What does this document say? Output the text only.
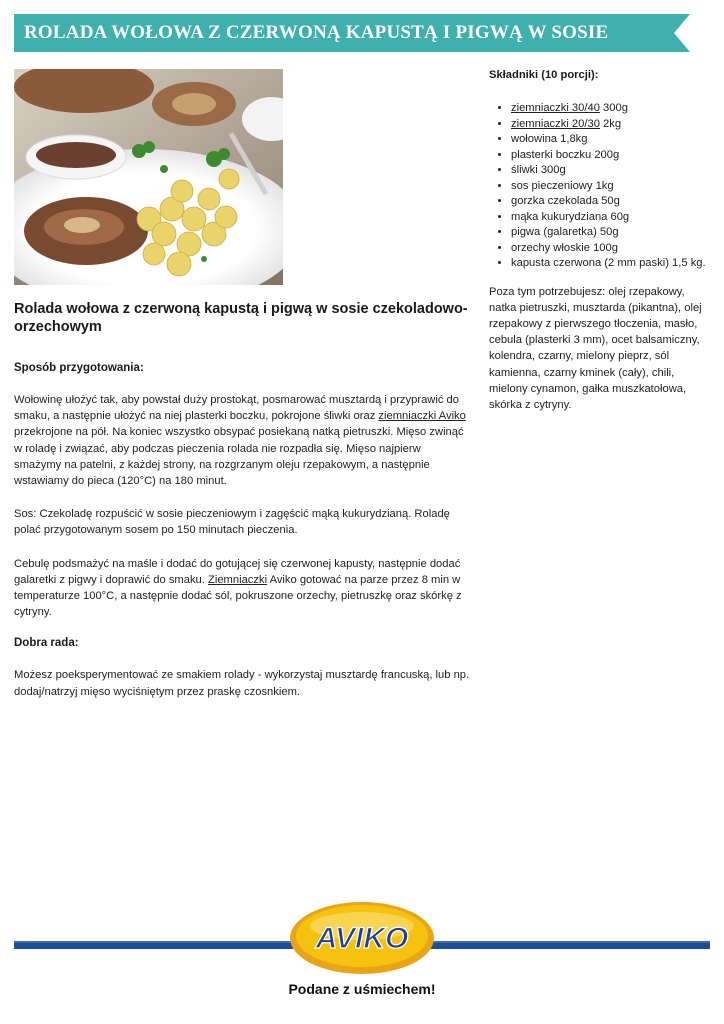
ROLADA WOŁOWA Z CZERWONĄ KAPUSTĄ I PIGWĄ W SOSIE
Rolada wołowa z czerwoną kapustą i pigwą w sosie czekoladowo-orzechowym
Sposób przygotowania:

Wołowinę ułożyć tak, aby powstał duży prostokąt, posmarować musztardą i przyprawić do smaku, a następnie ułożyć na niej plasterki boczku, pokrojone śliwki oraz ziemniaczki Aviko przekrojone na pół. Na koniec wszystko obsypać posiekaną natką pietruszki. Mięso zwinąć w roladę i związać, aby podczas pieczenia rolada nie rozpadła się. Mięso najpierw smażymy na patelni, z każdej strony, na rozgrzanym oleju rzepakowym, a następnie wstawiamy do pieca (120°C) na 180 minut.

Sos: Czekoladę rozpuścić w sosie pieczeniowym i zagęścić mąką kukurydzianą. Roladę polać przygotowanym sosem po 150 minutach pieczenia.

Cebulę podsmażyć na maśle i dodać do gotującej się czerwonej kapusty, następnie dodać galaretki z pigwy i doprawić do smaku. Ziemniaczki Aviko gotować na parze przez 8 min w temperaturze 100°C, a następnie dodać sól, pokruszone orzechy, pietruszkę oraz skórkę z cytryny.

Dobra rada:

Możesz poeksperymentować ze smakiem rolady - wykorzystaj musztardę francuską, lub np. dodaj/natrzyj mięso wyciśniętym przez praskę czosnkiem.

Składniki (10 porcji):
• ziemniaczki 30/40 300g
• ziemniaczki 20/30 2kg
• wołowina 1,8kg
• plasterki boczku 200g
• śliwki 300g
• sos pieczeniowy 1kg
• gorzka czekolada 50g
• mąka kukurydziana 60g
• pigwa (galaretka) 50g
• orzechy włoskie 100g
• kapusta czerwona (2 mm paski) 1,5 kg.

Poza tym potrzebujesz: olej rzepakowy, natka pietruszki, musztarda (pikantna), olej rzepakowy z pierwszego tłoczenia, masło, cebula (plasterki 3 mm), ocet balsamiczny, kolendra, czarny, mielony pieprz, sól kamienna, czarny kminek (cały), chili, mielony cynamon, gałka muszkatołowa, skórka z cytryny.

AVIKO
Podane z uśmiechem!
